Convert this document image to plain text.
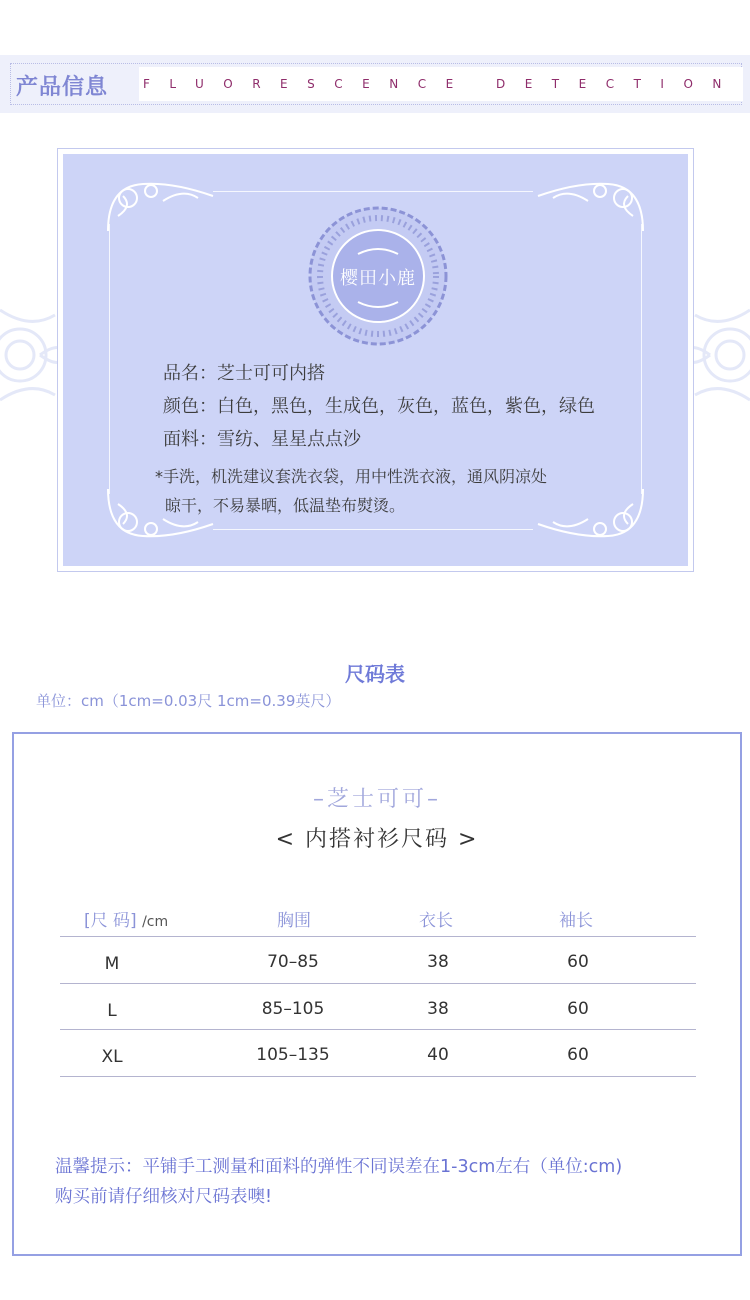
产品信息	FLUORESCENCE DETECTION
樱田小鹿
品名：芝士可可内搭
颜色：白色，黑色，生成色，灰色，蓝色，紫色，绿色
面料：雪纺、星星点点沙
*手洗，机洗建议套洗衣袋，用中性洗衣液，通风阴凉处
晾干，不易暴晒，低温垫布熨烫。
尺码表
单位：cm（1cm=0.03尺 1cm=0.39英尺）
–芝士可可–
< 内搭衬衫尺码 >
[尺 码] /cm	胸围	衣长	袖长
M	70–85	38	60
L	85–105	38	60
XL	105–135	40	60
温馨提示：平铺手工测量和面料的弹性不同误差在1-3cm左右（单位:cm)
购买前请仔细核对尺码表噢!
